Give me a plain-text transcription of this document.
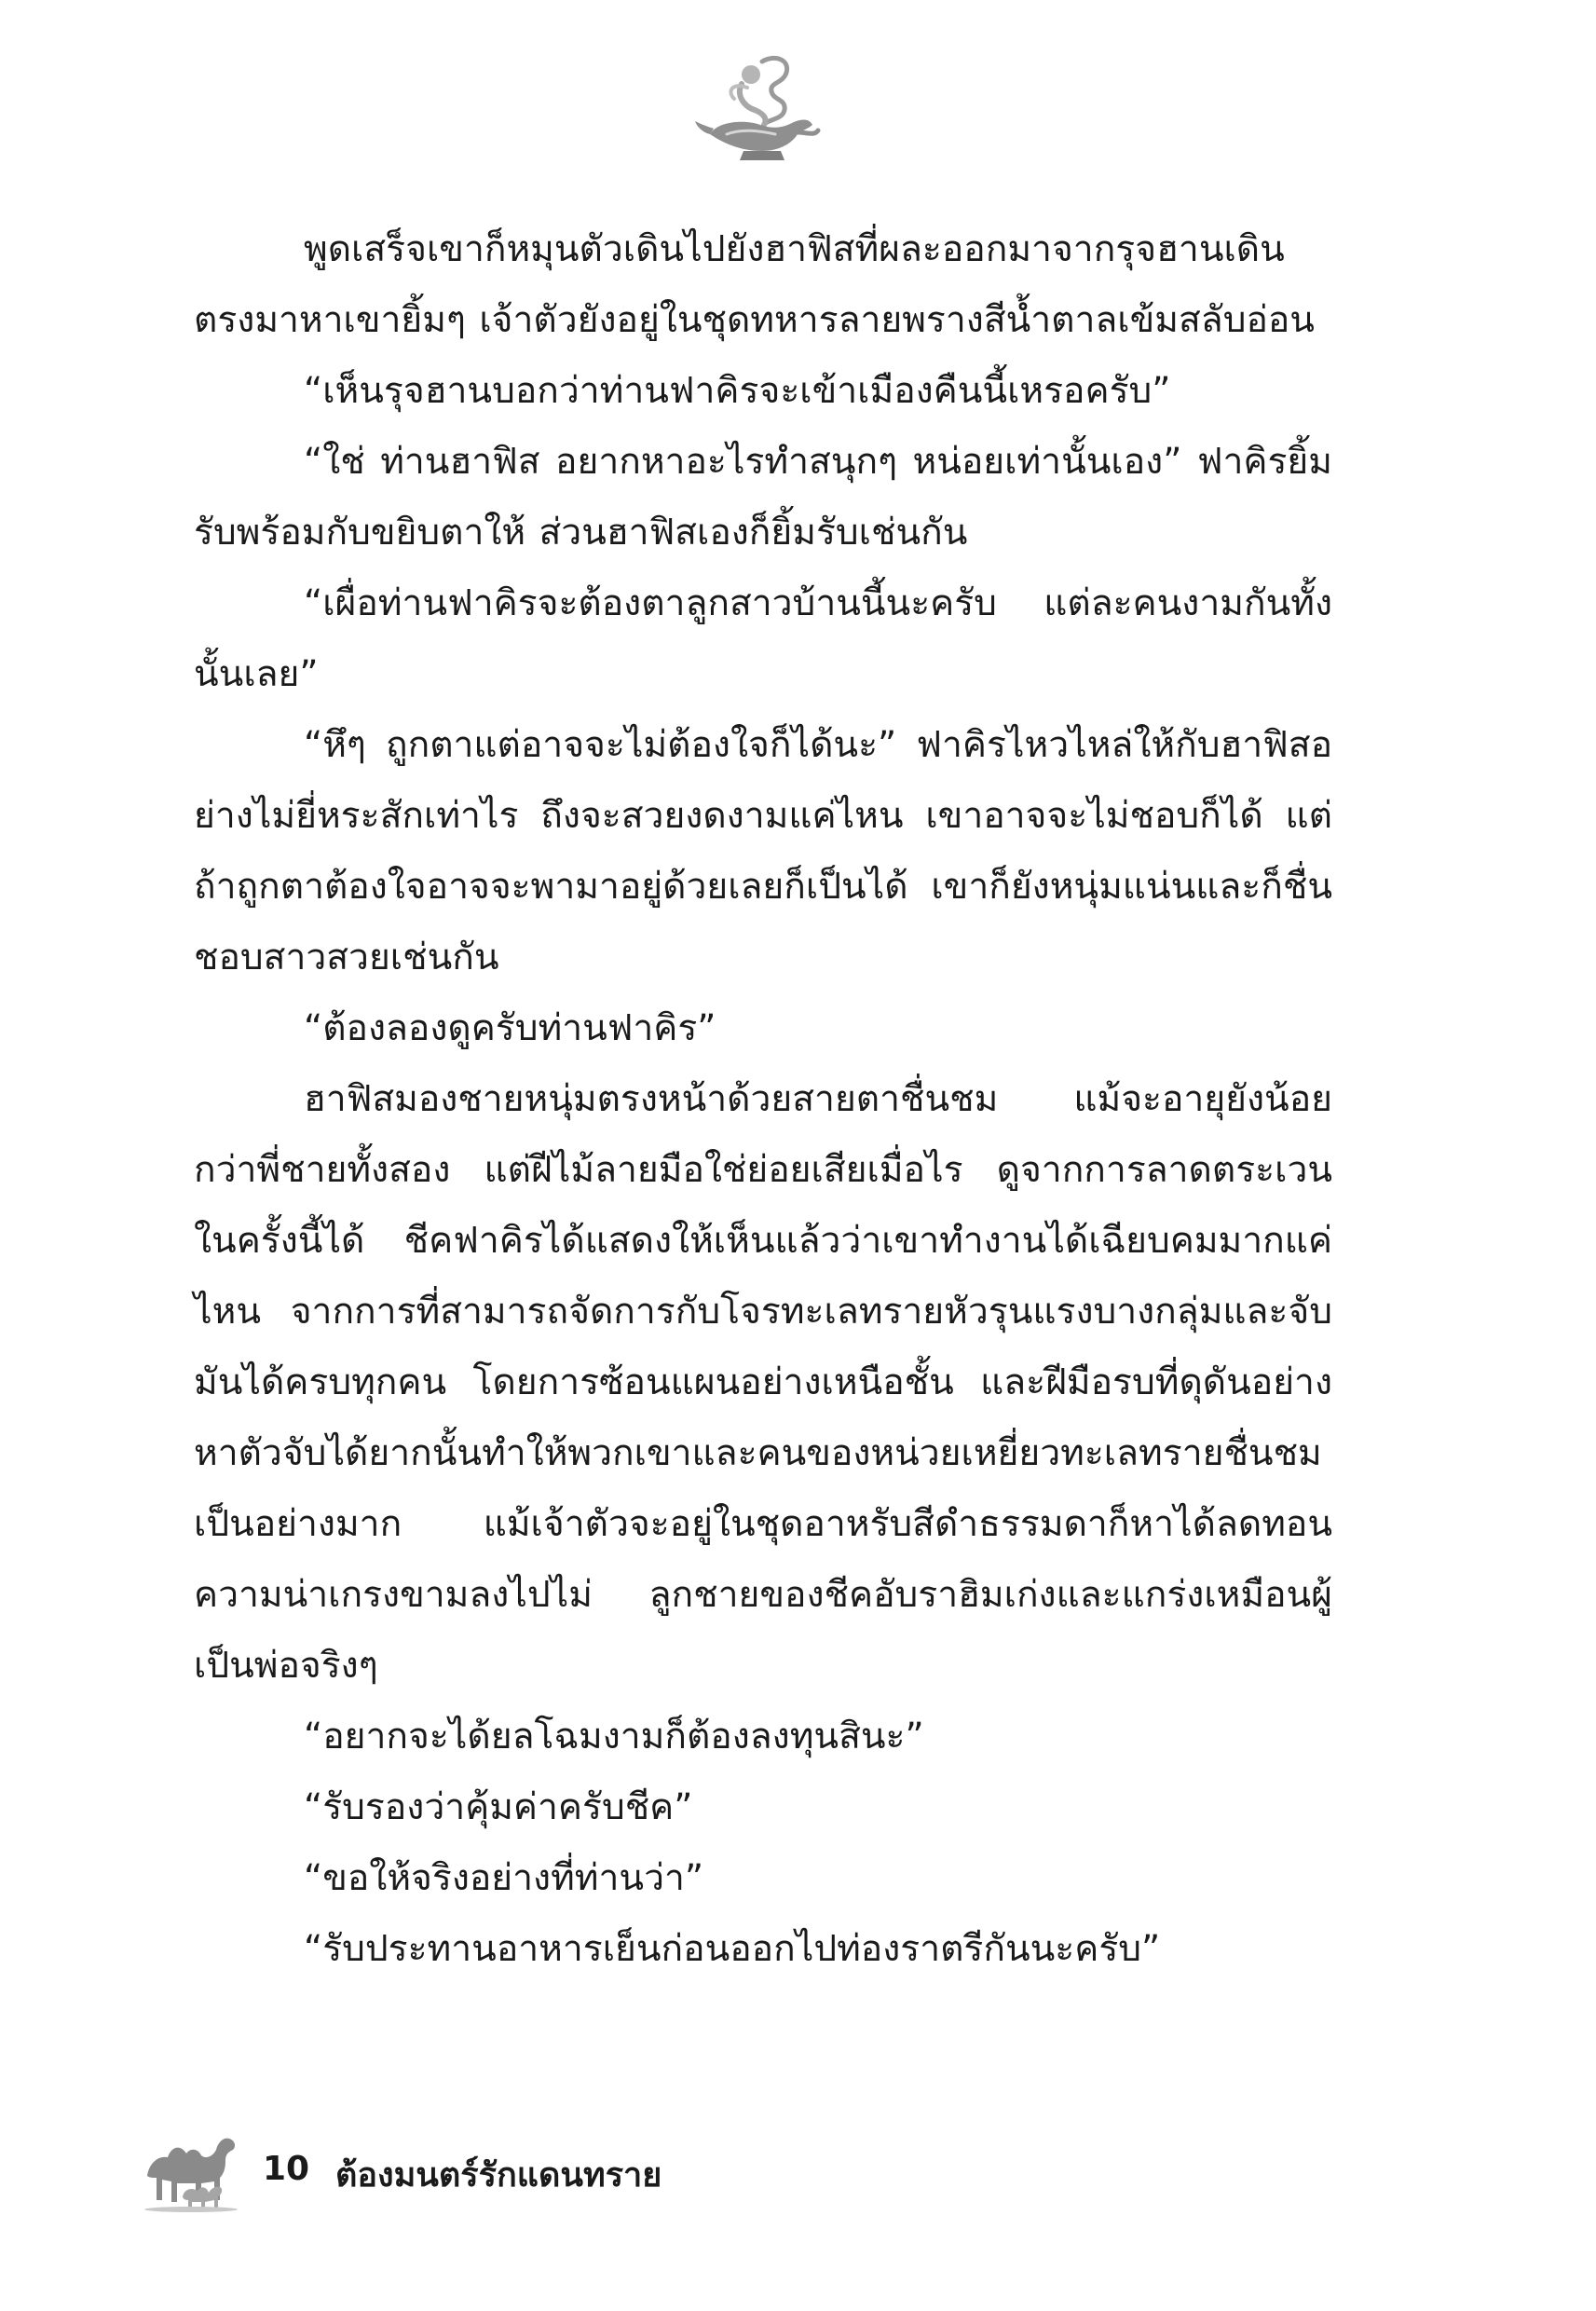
พูดเสร็จเขาก็หมุนตัวเดินไปยังฮาฟิสที่ผละออกมาจากรุจฮานเดินตรงมาหาเขายิ้มๆ เจ้าตัวยังอยู่ในชุดทหารลายพรางสีน้ำตาลเข้มสลับอ่อน

“เห็นรุจฮานบอกว่าท่านฟาคิรจะเข้าเมืองคืนนี้เหรอครับ”

“ใช่ ท่านฮาฟิส อยากหาอะไรทำสนุกๆ หน่อยเท่านั้นเอง” ฟาคิรยิ้มรับพร้อมกับขยิบตาให้ ส่วนฮาฟิสเองก็ยิ้มรับเช่นกัน

“เผื่อท่านฟาคิรจะต้องตาลูกสาวบ้านนี้นะครับ แต่ละคนงามกันทั้งนั้นเลย”

“หึๆ ถูกตาแต่อาจจะไม่ต้องใจก็ได้นะ” ฟาคิรไหวไหล่ให้กับฮาฟิสอย่างไม่ยี่หระสักเท่าไร ถึงจะสวยงดงามแค่ไหน เขาอาจจะไม่ชอบก็ได้ แต่ถ้าถูกตาต้องใจอาจจะพามาอยู่ด้วยเลยก็เป็นได้ เขาก็ยังหนุ่มแน่นและก็ชื่นชอบสาวสวยเช่นกัน

“ต้องลองดูครับท่านฟาคิร”

ฮาฟิสมองชายหนุ่มตรงหน้าด้วยสายตาชื่นชม แม้จะอายุยังน้อยกว่าพี่ชายทั้งสอง แต่ฝีไม้ลายมือใช่ย่อยเสียเมื่อไร ดูจากการลาดตระเวนในครั้งนี้ได้ ชีคฟาคิรได้แสดงให้เห็นแล้วว่าเขาทำงานได้เฉียบคมมากแค่ไหน จากการที่สามารถจัดการกับโจรทะเลทรายหัวรุนแรงบางกลุ่มและจับมันได้ครบทุกคน โดยการซ้อนแผนอย่างเหนือชั้น และฝีมือรบที่ดุดันอย่างหาตัวจับได้ยากนั้นทำให้พวกเขาและคนของหน่วยเหยี่ยวทะเลทรายชื่นชมเป็นอย่างมาก แม้เจ้าตัวจะอยู่ในชุดอาหรับสีดำธรรมดาก็หาได้ลดทอนความน่าเกรงขามลงไปไม่ ลูกชายของชีคอับราฮิมเก่งและแกร่งเหมือนผู้เป็นพ่อจริงๆ

“อยากจะได้ยลโฉมงามก็ต้องลงทุนสินะ”

“รับรองว่าคุ้มค่าครับชีค”

“ขอให้จริงอย่างที่ท่านว่า”

“รับประทานอาหารเย็นก่อนออกไปท่องราตรีกันนะครับ”

10 ต้องมนตร์รักแดนทราย
